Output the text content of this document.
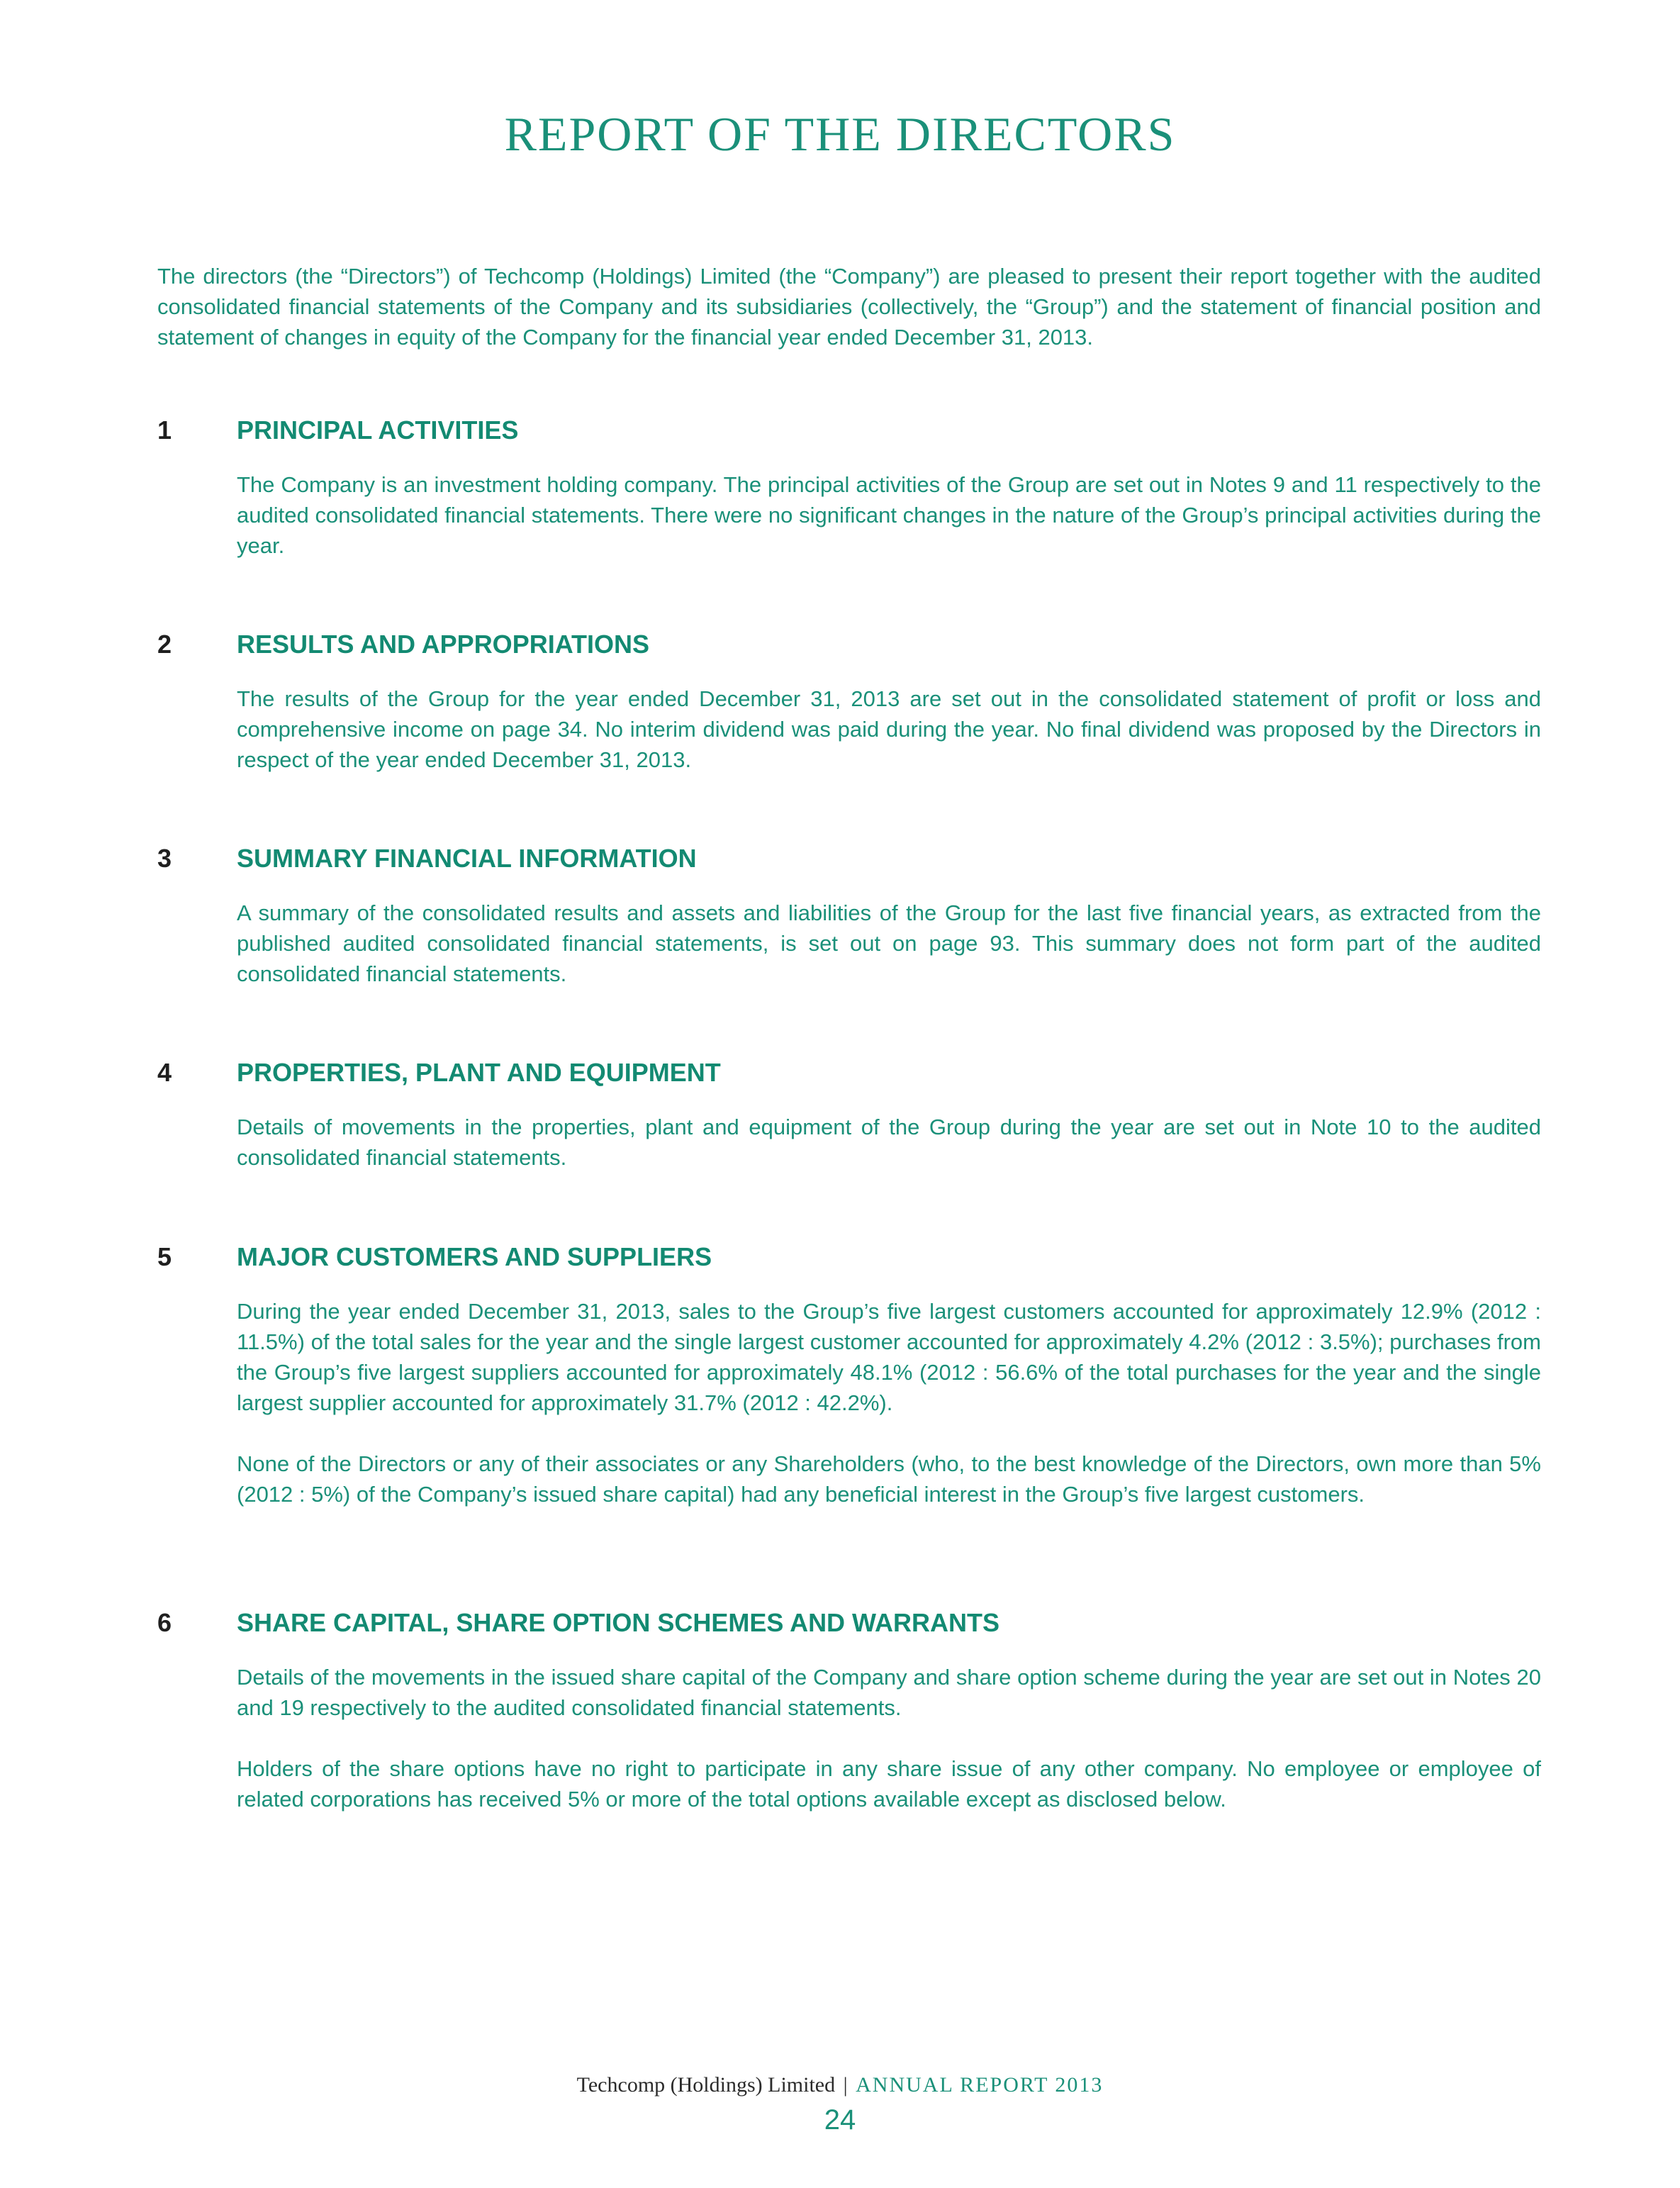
REPORT OF THE DIRECTORS

The directors (the “Directors”) of Techcomp (Holdings) Limited (the “Company”) are pleased to present their report together with the audited consolidated financial statements of the Company and its subsidiaries (collectively, the “Group”) and the statement of financial position and statement of changes in equity of the Company for the financial year ended December 31, 2013.

1	PRINCIPAL ACTIVITIES

The Company is an investment holding company. The principal activities of the Group are set out in Notes 9 and 11 respectively to the audited consolidated financial statements. There were no significant changes in the nature of the Group’s principal activities during the year.

2	RESULTS AND APPROPRIATIONS

The results of the Group for the year ended December 31, 2013 are set out in the consolidated statement of profit or loss and comprehensive income on page 34. No interim dividend was paid during the year. No final dividend was proposed by the Directors in respect of the year ended December 31, 2013.

3	SUMMARY FINANCIAL INFORMATION

A summary of the consolidated results and assets and liabilities of the Group for the last five financial years, as extracted from the published audited consolidated financial statements, is set out on page 93. This summary does not form part of the audited consolidated financial statements.

4	PROPERTIES, PLANT AND EQUIPMENT

Details of movements in the properties, plant and equipment of the Group during the year are set out in Note 10 to the audited consolidated financial statements.

5	MAJOR CUSTOMERS AND SUPPLIERS

During the year ended December 31, 2013, sales to the Group’s five largest customers accounted for approximately 12.9% (2012 : 11.5%) of the total sales for the year and the single largest customer accounted for approximately 4.2% (2012 : 3.5%); purchases from the Group’s five largest suppliers accounted for approximately 48.1% (2012 : 56.6% of the total purchases for the year and the single largest supplier accounted for approximately 31.7% (2012 : 42.2%).

None of the Directors or any of their associates or any Shareholders (who, to the best knowledge of the Directors, own more than 5% (2012 : 5%) of the Company’s issued share capital) had any beneficial interest in the Group’s five largest customers.

6	SHARE CAPITAL, SHARE OPTION SCHEMES AND WARRANTS

Details of the movements in the issued share capital of the Company and share option scheme during the year are set out in Notes 20 and 19 respectively to the audited consolidated financial statements.

Holders of the share options have no right to participate in any share issue of any other company. No employee or employee of related corporations has received 5% or more of the total options available except as disclosed below.

Techcomp (Holdings) Limited | ANNUAL REPORT 2013
24
